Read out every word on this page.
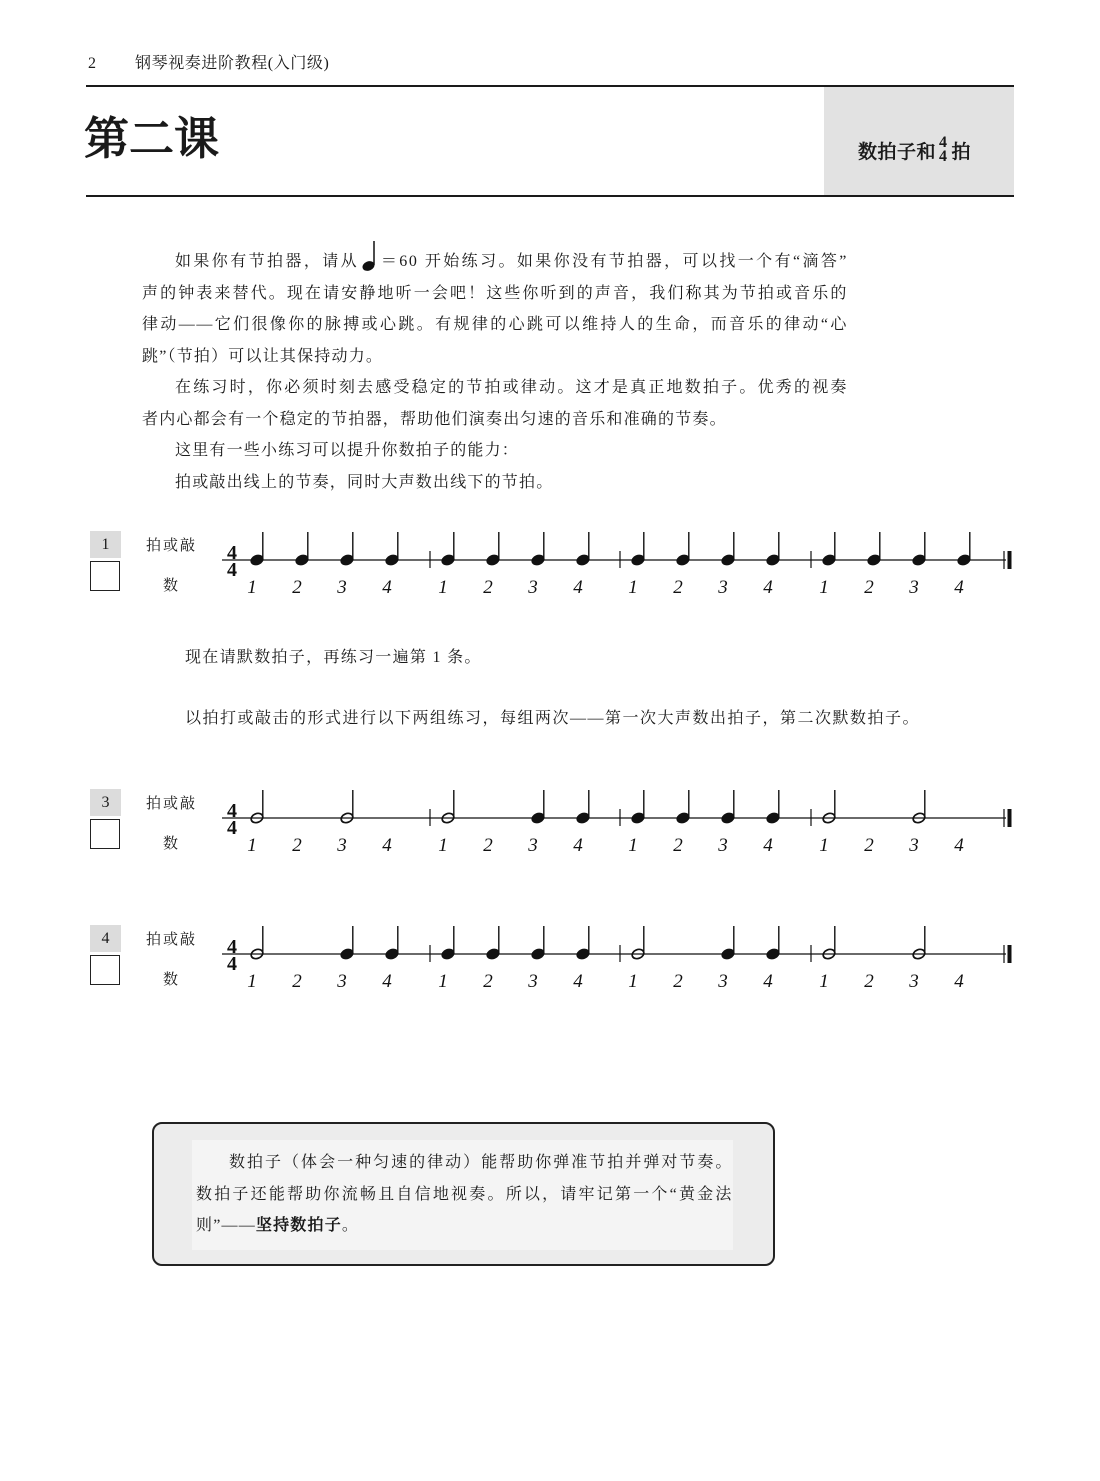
2 钢琴视奏进阶教程(入门级)
第二课	数拍子和 4
4 拍
如果你有节拍器，请从 ＝60 开始练习。如果你没有节拍器，可以找一个有“滴答”
声的钟表来替代。现在请安静地听一会吧！这些你听到的声音，我们称其为节拍或音乐的
律动——它们很像你的脉搏或心跳。有规律的心跳可以维持人的生命，而音乐的律动“心
跳”（节拍）可以让其保持动力。
在练习时，你必须时刻去感受稳定的节拍或律动。这才是真正地数拍子。优秀的视奏
者内心都会有一个稳定的节拍器，帮助他们演奏出匀速的音乐和准确的节奏。
这里有一些小练习可以提升你数拍子的能力：
拍或敲出线上的节奏，同时大声数出线下的节拍。
1	拍或敲
数
4
4
1 2 3 4 1 2 3 4 1 2 3 4 1 2 3 4
现在请默数拍子，再练习一遍第 1 条。
以拍打或敲击的形式进行以下两组练习，每组两次——第一次大声数出拍子，第二次默数拍子。
3	拍或敲
数
4
4
1 2 3 4 1 2 3 4 1 2 3 4 1 2 3 4
4	拍或敲
数
4
4
1 2 3 4 1 2 3 4 1 2 3 4 1 2 3 4
数拍子（体会一种匀速的律动）能帮助你弹准节拍并弹对节奏。
数拍子还能帮助你流畅且自信地视奏。所以，请牢记第一个“黄金法
则”——坚持数拍子。
